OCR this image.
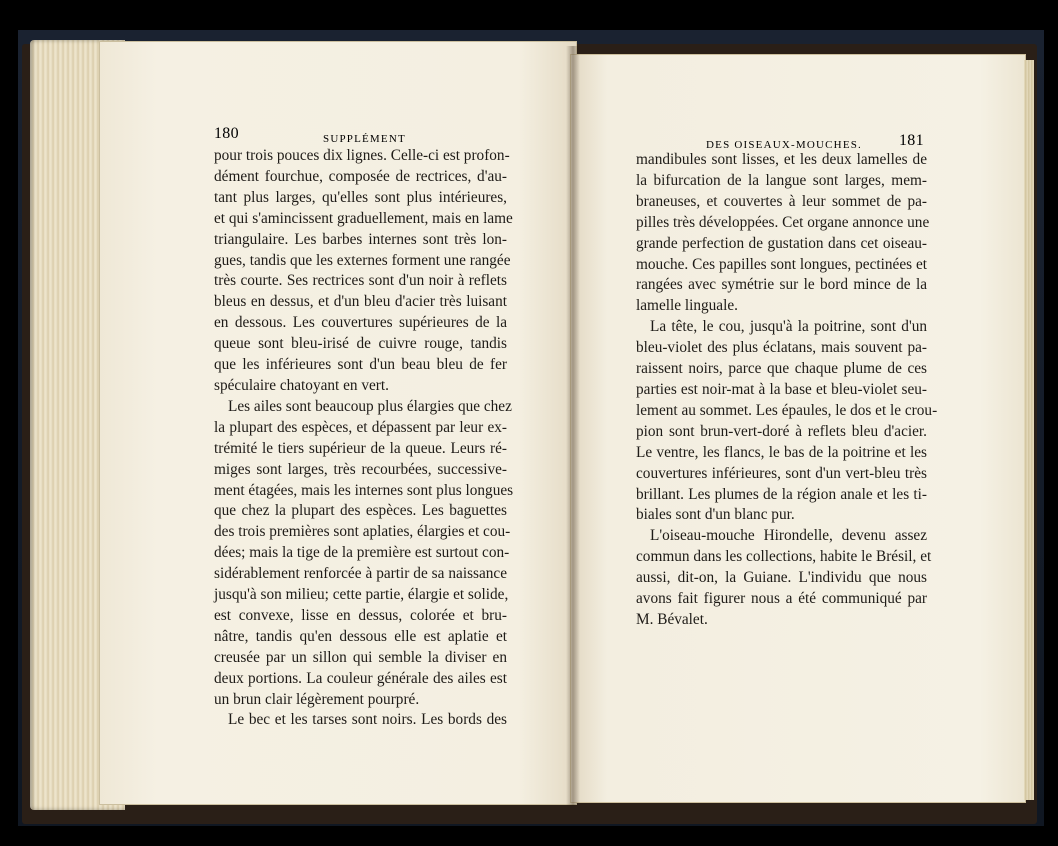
180	SUPPLÉMENT	DES OISEAUX-MOUCHES. 181
pour trois pouces dix lignes. Celle-ci est profon-
dément fourchue, composée de rectrices, d'au-
tant plus larges, qu'elles sont plus intérieures,
et qui s'amincissent graduellement, mais en lame
triangulaire. Les barbes internes sont très lon-
gues, tandis que les externes forment une rangée
très courte. Ses rectrices sont d'un noir à reflets
bleus en dessus, et d'un bleu d'acier très luisant
en dessous. Les couvertures supérieures de la
queue sont bleu-irisé de cuivre rouge, tandis
que les inférieures sont d'un beau bleu de fer
spéculaire chatoyant en vert.
Les ailes sont beaucoup plus élargies que chez
la plupart des espèces, et dépassent par leur ex-
trémité le tiers supérieur de la queue. Leurs ré-
miges sont larges, très recourbées, successive-
ment étagées, mais les internes sont plus longues
que chez la plupart des espèces. Les baguettes
des trois premières sont aplaties, élargies et cou-
dées; mais la tige de la première est surtout con-
sidérablement renforcée à partir de sa naissance
jusqu'à son milieu; cette partie, élargie et solide,
est convexe, lisse en dessus, colorée et bru-
nâtre, tandis qu'en dessous elle est aplatie et
creusée par un sillon qui semble la diviser en
deux portions. La couleur générale des ailes est
un brun clair légèrement pourpré.
Le bec et les tarses sont noirs. Les bords des
mandibules sont lisses, et les deux lamelles de
la bifurcation de la langue sont larges, mem-
braneuses, et couvertes à leur sommet de pa-
pilles très développées. Cet organe annonce une
grande perfection de gustation dans cet oiseau-
mouche. Ces papilles sont longues, pectinées et
rangées avec symétrie sur le bord mince de la
lamelle linguale.
La tête, le cou, jusqu'à la poitrine, sont d'un
bleu-violet des plus éclatans, mais souvent pa-
raissent noirs, parce que chaque plume de ces
parties est noir-mat à la base et bleu-violet seu-
lement au sommet. Les épaules, le dos et le crou-
pion sont brun-vert-doré à reflets bleu d'acier.
Le ventre, les flancs, le bas de la poitrine et les
couvertures inférieures, sont d'un vert-bleu très
brillant. Les plumes de la région anale et les ti-
biales sont d'un blanc pur.
L'oiseau-mouche Hirondelle, devenu assez
commun dans les collections, habite le Brésil, et
aussi, dit-on, la Guiane. L'individu que nous
avons fait figurer nous a été communiqué par
M. Bévalet.
